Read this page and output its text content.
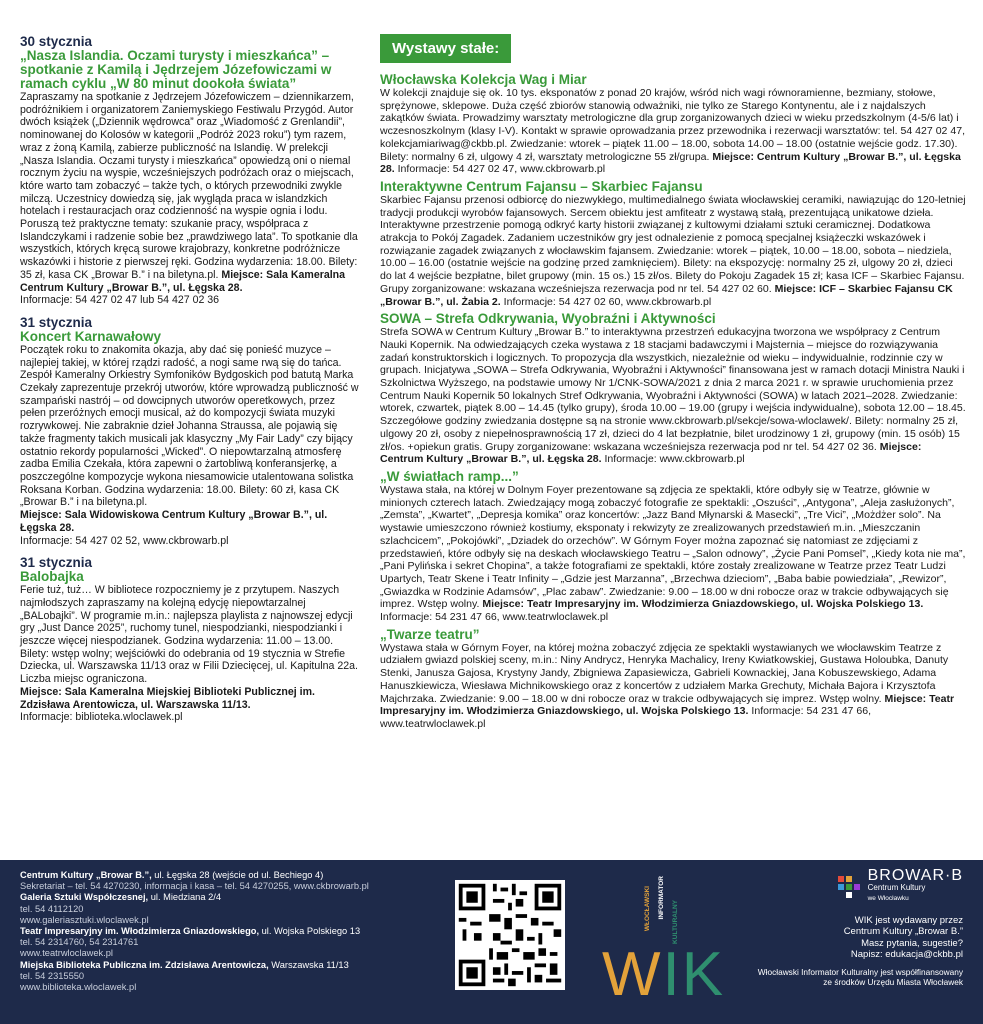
30 stycznia

„Nasza Islandia. Oczami turysty i mieszkańca” – spotkanie z Kamilą i Jędrzejem Józefowiczami w ramach cyklu „W 80 minut dookoła świata”

Zapraszamy na spotkanie z Jędrzejem Józefowiczem – dziennikarzem, podróżnikiem i organizatorem Zaniemyskiego Festiwalu Przygód. Autor dwóch książek („Dziennik wędrowca” oraz „Wiadomość z Grenlandii”, nominowanej do Kolosów w kategorii „Podróż 2023 roku”) tym razem, wraz z żoną Kamilą, zabierze publiczność na Islandię. W prelekcji „Nasza Islandia. Oczami turysty i mieszkańca” opowiedzą oni o niemal rocznym życiu na wyspie, wcześniejszych podróżach oraz o miejscach, które warto tam zobaczyć – także tych, o których przewodniki zwykle milczą. Uczestnicy dowiedzą się, jak wygląda praca w islandzkich hotelach i restauracjach oraz codzienność na wyspie ognia i lodu. Poruszą też praktyczne tematy: szukanie pracy, współpraca z Islandczykami i radzenie sobie bez „prawdziwego lata”. To spotkanie dla wszystkich, których kręcą surowe krajobrazy, konkretne podróżnicze wskazówki i historie z pierwszej ręki. Godzina wydarzenia: 18.00. Bilety: 35 zł, kasa CK „Browar B.” i na biletyna.pl. Miejsce: Sala Kameralna Centrum Kultury „Browar B.”, ul. Łęgska 28.

Informacje: 54 427 02 47 lub 54 427 02 36

31 stycznia

Koncert Karnawałowy

Początek roku to znakomita okazja, aby dać się ponieść muzyce – najlepiej takiej, w której rządzi radość, a nogi same rwą się do tańca. Zespół Kameralny Orkiestry Symfoników Bydgoskich pod batutą Marka Czekały zaprezentuje przekrój utworów, które wprowadzą publiczność w szampański nastrój – od dowcipnych utworów operetkowych, przez pełen przeróżnych emocji musical, aż do kompozycji świata muzyki rozrywkowej. Nie zabraknie dzieł Johanna Straussa, ale pojawią się także fragmenty takich musicali jak klasyczny „My Fair Lady” czy bijący ostatnio rekordy popularności „Wicked”. O niepowtarzalną atmosferę zadba Emilia Czekała, która zapewni o żartobliwą konferansjerkę, a poszczególne kompozycje wykona niesamowicie utalentowana solistka Roksana Korban. Godzina wydarzenia: 18.00. Bilety: 60 zł, kasa CK „Browar B.” i na biletyna.pl.

Miejsce: Sala Widowiskowa Centrum Kultury „Browar B.”, ul. Łęgska 28.

Informacje: 54 427 02 52, www.ckbrowarb.pl

31 stycznia

Balobajka

Ferie tuż, tuż… W bibliotece rozpoczniemy je z przytupem. Naszych najmłodszych zapraszamy na kolejną edycję niepowtarzalnej „BALobajki”. W programie m.in.: najlepsza playlista z najnowszej edycji gry „Just Dance 2025”, ruchomy tunel, niespodzianki, niespodzianki i jeszcze więcej niespodzianek. Godzina wydarzenia: 11.00 – 13.00. Bilety: wstęp wolny; wejściówki do odebrania od 19 stycznia w Strefie Dziecka, ul. Warszawska 11/13 oraz w Filii Dziecięcej, ul. Kapitulna 22a. Liczba miejsc ograniczona.

Miejsce: Sala Kameralna Miejskiej Biblioteki Publicznej im. Zdzisława Arentowicza, ul. Warszawska 11/13.

Informacje: biblioteka.wloclawek.pl

Wystawy stałe:

Włocławska Kolekcja Wag i Miar

W kolekcji znajduje się ok. 10 tys. eksponatów z ponad 20 krajów, wśród nich wagi równoramienne, bezmiany, stołowe, sprężynowe, sklepowe. Duża część zbiorów stanowią odważniki, nie tylko ze Starego Kontynentu, ale i z najdalszych zakątków świata. Prowadzimy warsztaty metrologiczne dla grup zorganizowanych dzieci w wieku przedszkolnym (4-5/6 lat) i wczesnoszkolnym (klasy I-V). Kontakt w sprawie oprowadzania przez przewodnika i rezerwacji warsztatów: tel. 54 427 02 47, kolekcjamiariwag@ckbb.pl. Zwiedzanie: wtorek – piątek 11.00 – 18.00, sobota 14.00 – 18.00 (ostatnie wejście godz. 17.30). Bilety: normalny 6 zł, ulgowy 4 zł, warsztaty metrologiczne 55 zł/grupa. Miejsce: Centrum Kultury „Browar B.”, ul. Łęgska 28. Informacje: 54 427 02 47, www.ckbrowarb.pl

Interaktywne Centrum Fajansu – Skarbiec Fajansu

Skarbiec Fajansu przenosi odbiorcę do niezwykłego, multimedialnego świata włocławskiej ceramiki, nawiązując do 120-letniej tradycji produkcji wyrobów fajansowych. Sercem obiektu jest amfiteatr z wystawą stałą, prezentującą unikatowe dzieła. Interaktywne przestrzenie pomogą odkryć karty historii związanej z kultowymi działami sztuki ceramicznej. Dodatkowa atrakcja to Pokój Zagadek. Zadaniem uczestników gry jest odnalezienie z pomocą specjalnej książeczki wskazówek i rozwiązanie zagadek związanych z włocławskim fajansem. Zwiedzanie: wtorek – piątek, 10.00 – 18.00, sobota – niedziela, 10.00 – 16.00 (ostatnie wejście na godzinę przed zamknięciem). Bilety: na ekspozycję: normalny 25 zł, ulgowy 20 zł, dzieci do lat 4 wejście bezpłatne, bilet grupowy (min. 15 os.) 15 zł/os. Bilety do Pokoju Zagadek 15 zł; kasa ICF – Skarbiec Fajansu. Grupy zorganizowane: wskazana wcześniejsza rezerwacja pod nr tel. 54 427 02 60. Miejsce: ICF – Skarbiec Fajansu CK „Browar B.”, ul. Żabia 2. Informacje: 54 427 02 60, www.ckbrowarb.pl

SOWA – Strefa Odkrywania, Wyobraźni i Aktywności

Strefa SOWA w Centrum Kultury „Browar B.” to interaktywna przestrzeń edukacyjna tworzona we współpracy z Centrum Nauki Kopernik. Na odwiedzających czeka wystawa z 18 stacjami badawczymi i Majsternia – miejsce do rozwiązywania zadań konstruktorskich i logicznych. To propozycja dla wszystkich, niezależnie od wieku – indywidualnie, rodzinnie czy w grupach. Inicjatywa „SOWA – Strefa Odkrywania, Wyobraźni i Aktywności” finansowana jest w ramach dotacji Ministra Nauki i Szkolnictwa Wyższego, na podstawie umowy Nr 1/CNK-SOWA/2021 z dnia 2 marca 2021 r. w sprawie uruchomienia przez Centrum Nauki Kopernik 50 lokalnych Stref Odkrywania, Wyobraźni i Aktywności (SOWA) w latach 2021–2028. Zwiedzanie: wtorek, czwartek, piątek 8.00 – 14.45 (tylko grupy), środa 10.00 – 19.00 (grupy i wejścia indywidualne), sobota 12.00 – 18.45. Szczegółowe godziny zwiedzania dostępne są na stronie www.ckbrowarb.pl/sekcje/sowa-wloclawek/. Bilety: normalny 25 zł, ulgowy 20 zł, osoby z niepełnosprawnością 17 zł, dzieci do 4 lat bezpłatnie, bilet urodzinowy 1 zł, grupowy (min. 15 osób) 15 zł/os. +opiekun gratis. Grupy zorganizowane: wskazana wcześniejsza rezerwacja pod nr tel. 54 427 02 36. Miejsce: Centrum Kultury „Browar B.”, ul. Łęgska 28. Informacje: www.ckbrowarb.pl

„W światłach ramp...”

Wystawa stała, na której w Dolnym Foyer prezentowane są zdjęcia ze spektakli, które odbyły się w Teatrze, głównie w minionych czterech latach. Zwiedzający mogą zobaczyć fotografie ze spektakli: „Oszuści”, „Antygona”, „Aleja zasłużonych”, „Zemsta”, „Kwartet”, „Depresja komika” oraz koncertów: „Jazz Band Młynarski & Masecki”, „Tre Vici”, „Możdżer solo”. Na wystawie umieszczono również kostiumy, eksponaty i rekwizyty ze zrealizowanych przedstawień m.in. „Mieszczanin szlachcicem”, „Pokojówki”, „Dziadek do orzechów”. W Górnym Foyer można zapoznać się natomiast ze zdjęciami z przedstawień, które odbyły się na deskach włocławskiego Teatru – „Salon odnowy”, „Życie Pani Pomsel”, „Kiedy kota nie ma”, „Pani Pylińska i sekret Chopina”, a także fotografiami ze spektakli, które zostały zrealizowane w Teatrze przez Teatr Ludzi Upartych, Teatr Skene i Teatr Infinity – „Gdzie jest Marzanna”, „Brzechwa dzieciom”, „Baba babie powiedziała”, „Rewizor”, „Gwiazdka w Rodzinie Adamsów”, „Plac zabaw”. Zwiedzanie: 9.00 – 18.00 w dni robocze oraz w trakcie odbywających się imprez. Wstęp wolny. Miejsce: Teatr Impresaryjny im. Włodzimierza Gniazdowskiego, ul. Wojska Polskiego 13. Informacje: 54 231 47 66, www.teatrwloclawek.pl

„Twarze teatru”

Wystawa stała w Górnym Foyer, na której można zobaczyć zdjęcia ze spektakli wystawianych we włocławskim Teatrze z udziałem gwiazd polskiej sceny, m.in.: Niny Andrycz, Henryka Machalicy, Ireny Kwiatkowskiej, Gustawa Holoubka, Danuty Stenki, Janusza Gajosa, Krystyny Jandy, Zbigniewa Zapasiewicza, Gabrieli Kownackiej, Jana Kobuszewskiego, Adama Hanuszkiewicza, Wiesława Michnikowskiego oraz z koncertów z udziałem Marka Grechuty, Michała Bajora i Krzysztofa Majchrzaka. Zwiedzanie: 9.00 – 18.00 w dni robocze oraz w trakcie odbywających się imprez. Wstęp wolny. Miejsce: Teatr Impresaryjny im. Włodzimierza Gniazdowskiego, ul. Wojska Polskiego 13. Informacje: 54 231 47 66, www.teatrwloclawek.pl

Centrum Kultury „Browar B.”, ul. Łęgska 28 (wejście od ul. Bechiego 4)
Sekretariat – tel. 54 4270230, informacja i kasa – tel. 54 4270255, www.ckbrowarb.pl
Galeria Sztuki Współczesnej, ul. Miedziana 2/4
tel. 54 4112120
www.galeriasztuki.wloclawek.pl
Teatr Impresaryjny im. Włodzimierza Gniazdowskiego, ul. Wojska Polskiego 13
tel. 54 2314760, 54 2314761
www.teatrwloclawek.pl
Miejska Biblioteka Publiczna im. Zdzisława Arentowicza, Warszawska 11/13
tel. 54 2315550
www.biblioteka.wloclawek.pl
WŁOCŁAWSKI INFORMATOR
KULTURALNY
WIK
BROWAR·B
Centrum Kultury
we Włocławku
WIK jest wydawany przez
Centrum Kultury „Browar B.”
Masz pytania, sugestie?
Napisz: edukacja@ckbb.pl
Włocławski Informator Kulturalny jest współfinansowany
ze środków Urzędu Miasta Włocławek
